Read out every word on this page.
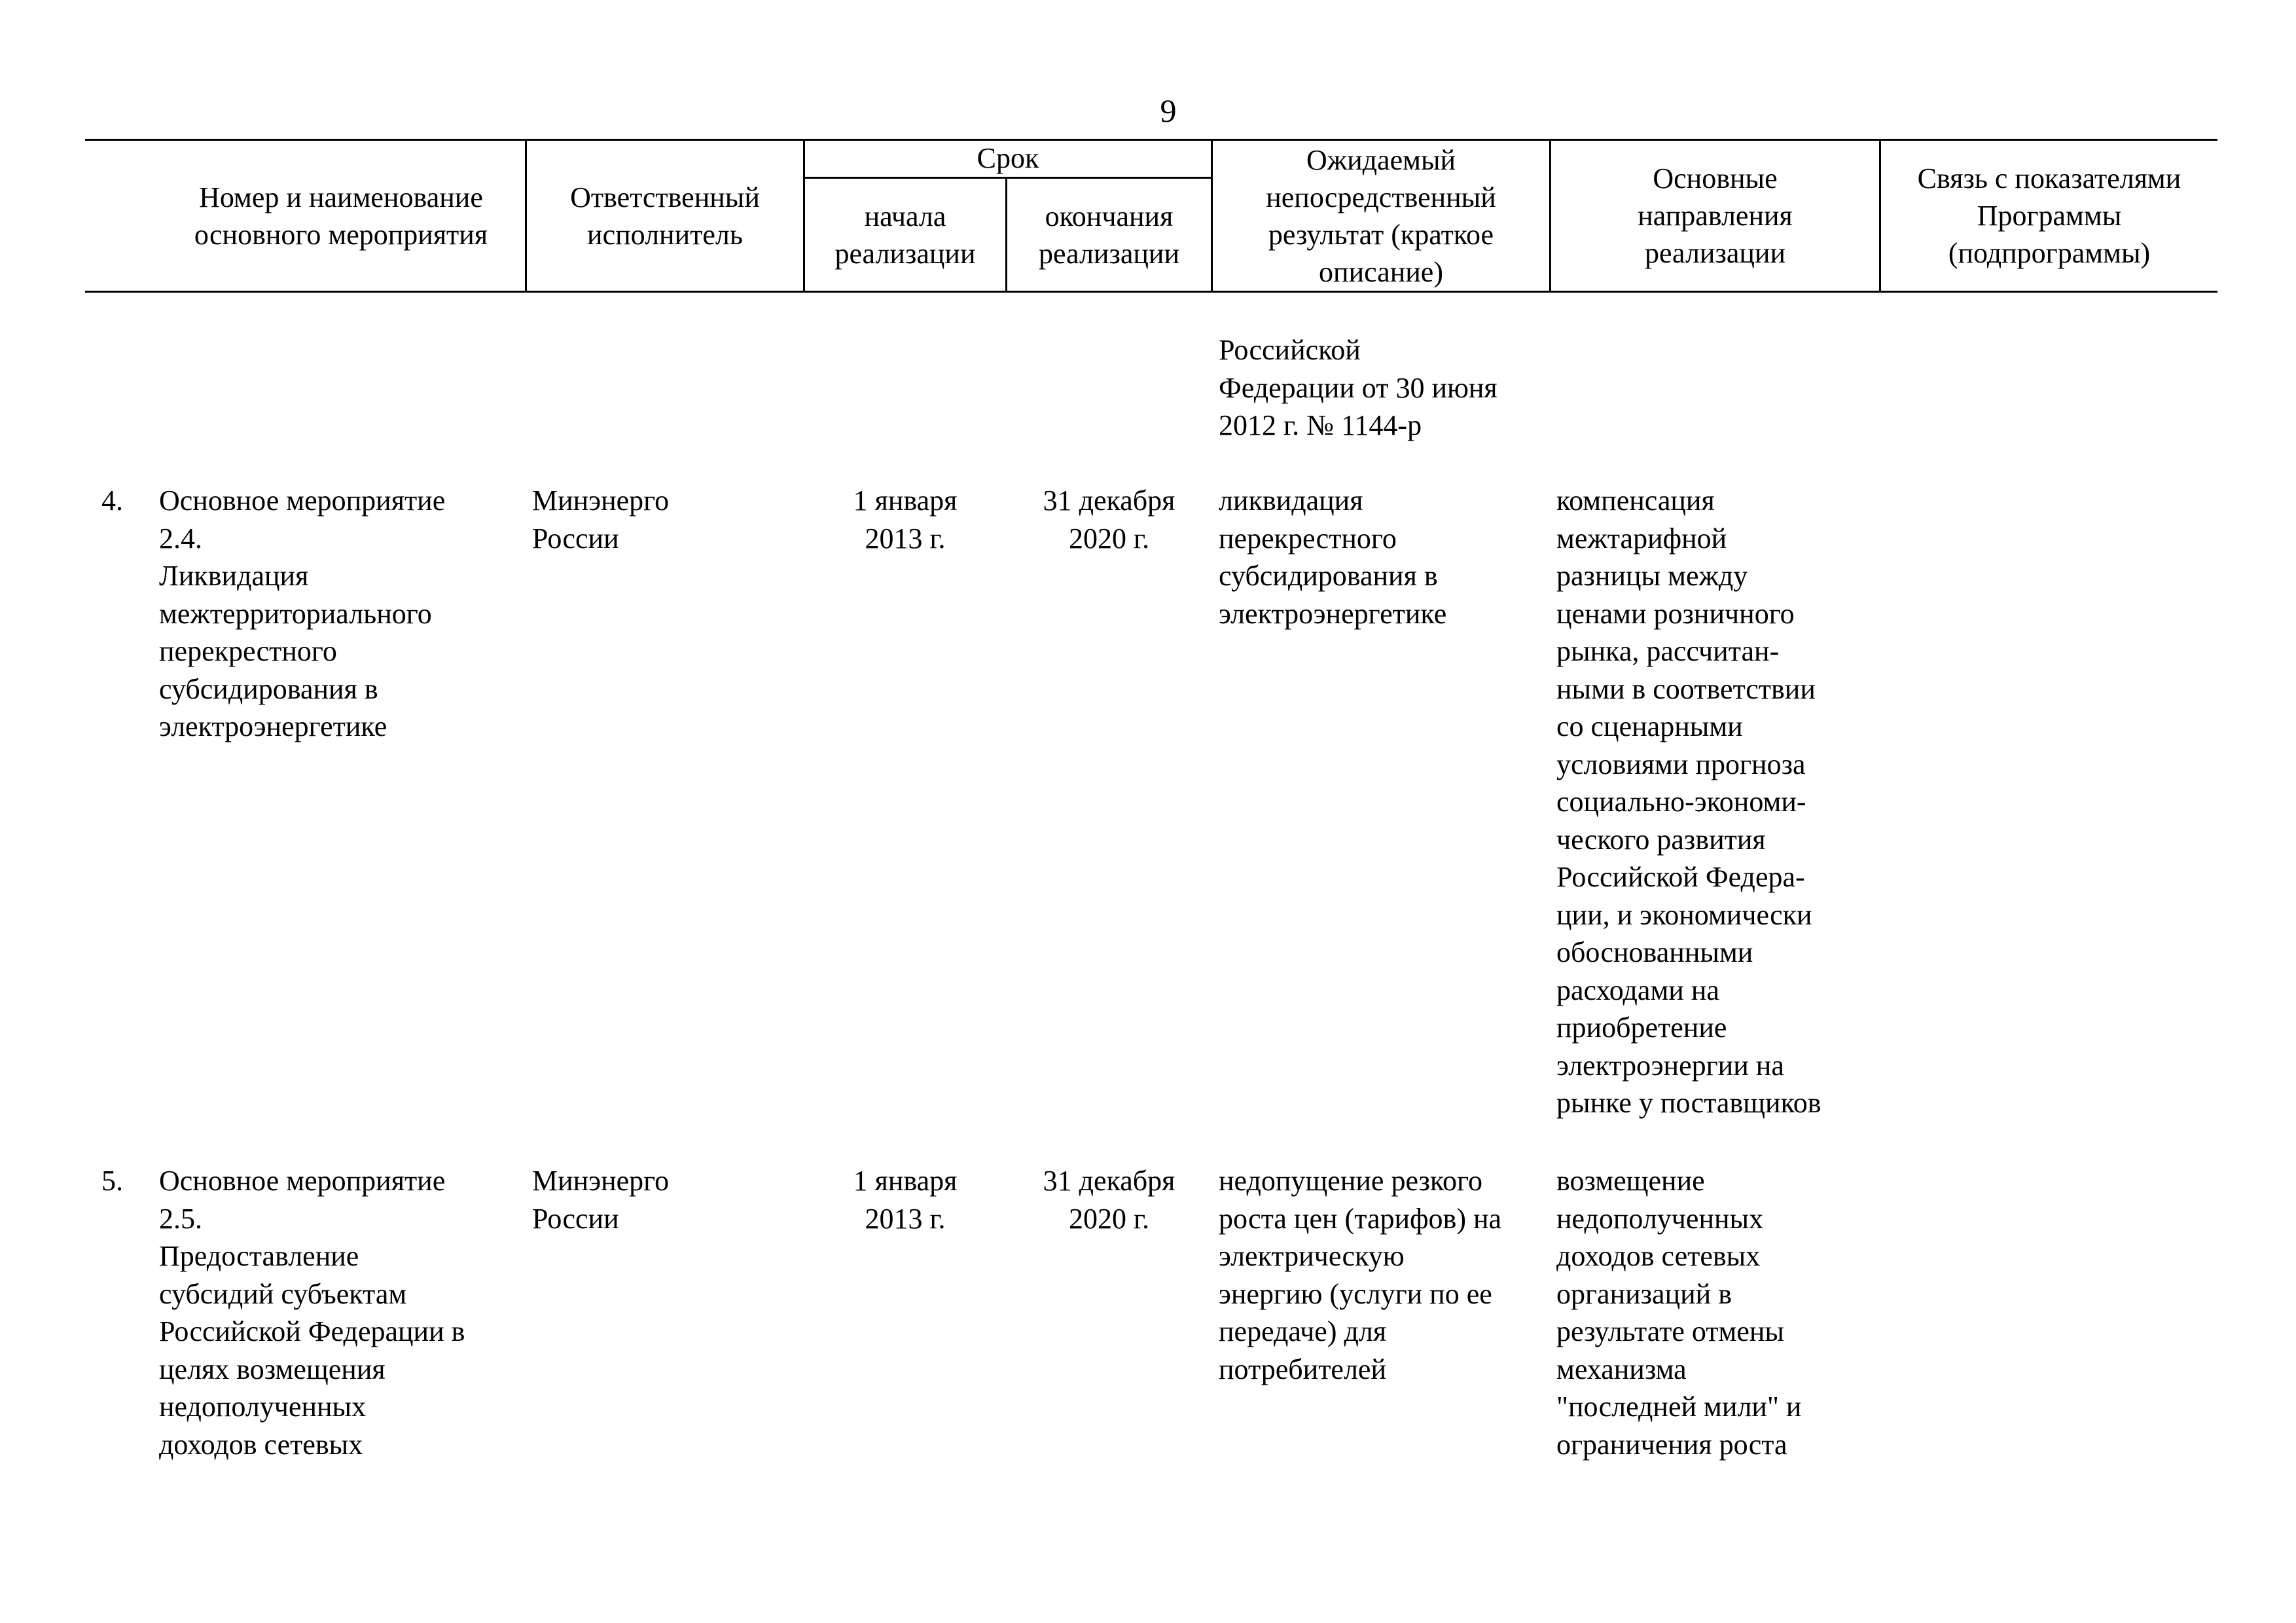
9
Номер и наименование
основного мероприятия
Ответственный
исполнитель
Срок
начала
реализации
окончания
реализации
Ожидаемый
непосредственный
результат (краткое
описание)
Основные
направления
реализации
Связь с показателями
Программы
(подпрограммы)
Российской
Федерации от 30 июня
2012 г. № 1144-р
4.	Основное мероприятие
2.4.
Ликвидация
межтерриториального
перекрестного
субсидирования в
электроэнергетике
Минэнерго
России
1 января
2013 г.
31 декабря
2020 г.
ликвидация
перекрестного
субсидирования в
электроэнергетике
компенсация
межтарифной
разницы между
ценами розничного
рынка, рассчитан-
ными в соответствии
со сценарными
условиями прогноза
социально-экономи-
ческого развития
Российской Федера-
ции, и экономически
обоснованными
расходами на
приобретение
электроэнергии на
рынке у поставщиков
5.	Основное мероприятие
2.5.
Предоставление
субсидий субъектам
Российской Федерации в
целях возмещения
недополученных
доходов сетевых
Минэнерго
России
1 января
2013 г.
31 декабря
2020 г.
недопущение резкого
роста цен (тарифов) на
электрическую
энергию (услуги по ее
передаче) для
потребителей
возмещение
недополученных
доходов сетевых
организаций в
результате отмены
механизма
"последней мили" и
ограничения роста
